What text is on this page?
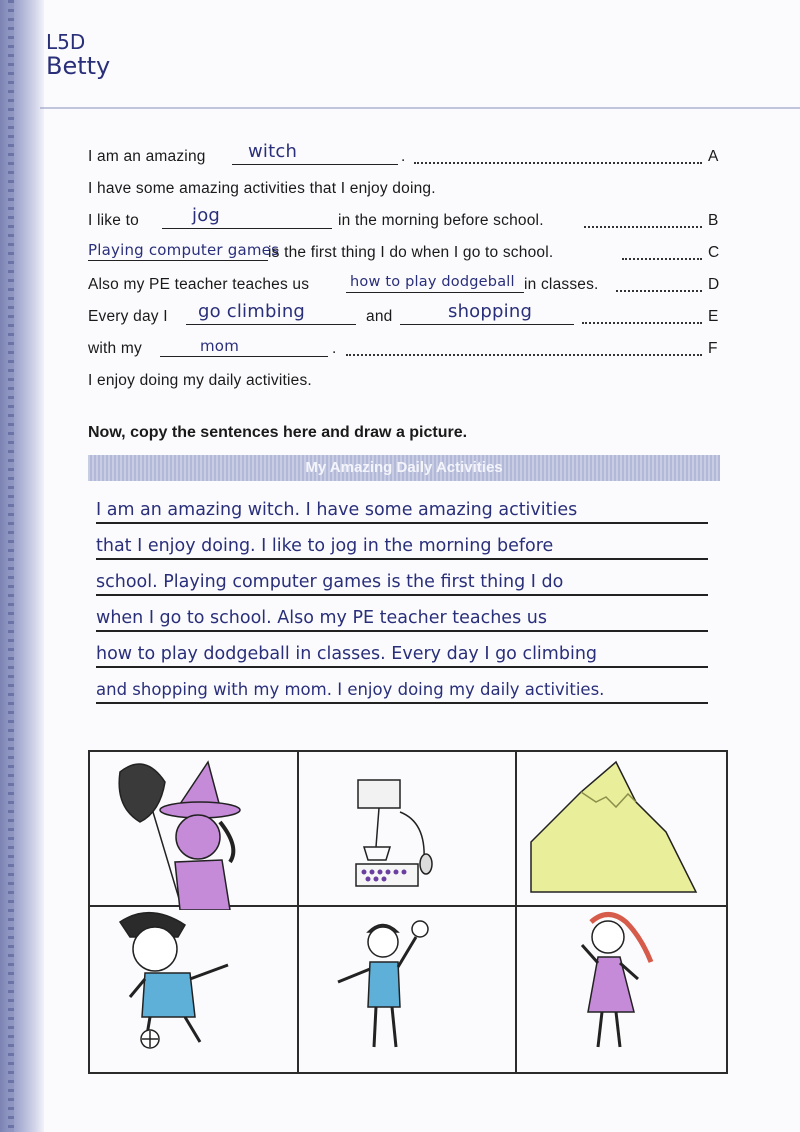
L5D
Betty
I am an amazing witch	.	A
I have some amazing activities that I enjoy doing.
I like to	jog	in the morning before school.	B
Playing computer games
is the first thing I do when I go to school.	C
Also my PE teacher teaches us	how to play dodgeball in classes.	D
Every day I go climbing	and	shopping	E
with my	mom	.	F
I enjoy doing my daily activities.
Now, copy the sentences here and draw a picture.
My Amazing Daily Activities
I am an amazing witch. I have some amazing activities
that I enjoy doing. I like to jog in the morning before
school. Playing computer games is the first thing I do
when I go to school. Also my PE teacher teaches us
how to play dodgeball in classes. Every day I go climbing
and shopping with my mom. I enjoy doing my daily activities.
